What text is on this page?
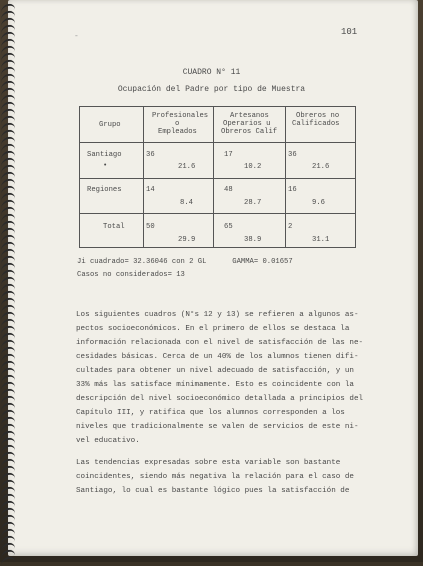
101
-
CUADRO N° 11
Ocupación del Padre por tipo de Muestra
Grupo
Profesionales
o
Empleados
Artesanos
Operarios u
Obreros Calif
Obreros no
Calificados
Santiago
•
36
21.6
17
10.2
36
21.6
Regiones	14
8.4
48
28.7
16
9.6
Total	50
29.9
65
38.9
2
31.1
Ji cuadrado= 32.36046 con 2 GL      GAMMA= 0.01657
Casos no considerados= 13
Los siguientes cuadros (N°s 12 y 13) se refieren a algunos as-
pectos socioeconómicos. En el primero de ellos se destaca la
información relacionada con el nivel de satisfacción de las ne-
cesidades básicas. Cerca de un 40% de los alumnos tienen difi-
cultades para obtener un nivel adecuado de satisfacción, y un
33% más las satisface mínimamente. Esto es coincidente con la
descripción del nivel socioeconómico detallada a principios del
Capítulo III, y ratifica que los alumnos corresponden a los
niveles que tradicionalmente se valen de servicios de este ni-
vel educativo.
Las tendencias expresadas sobre esta variable son bastante
coincidentes, siendo más negativa la relación para el caso de
Santiago, lo cual es bastante lógico pues la satisfacción de
